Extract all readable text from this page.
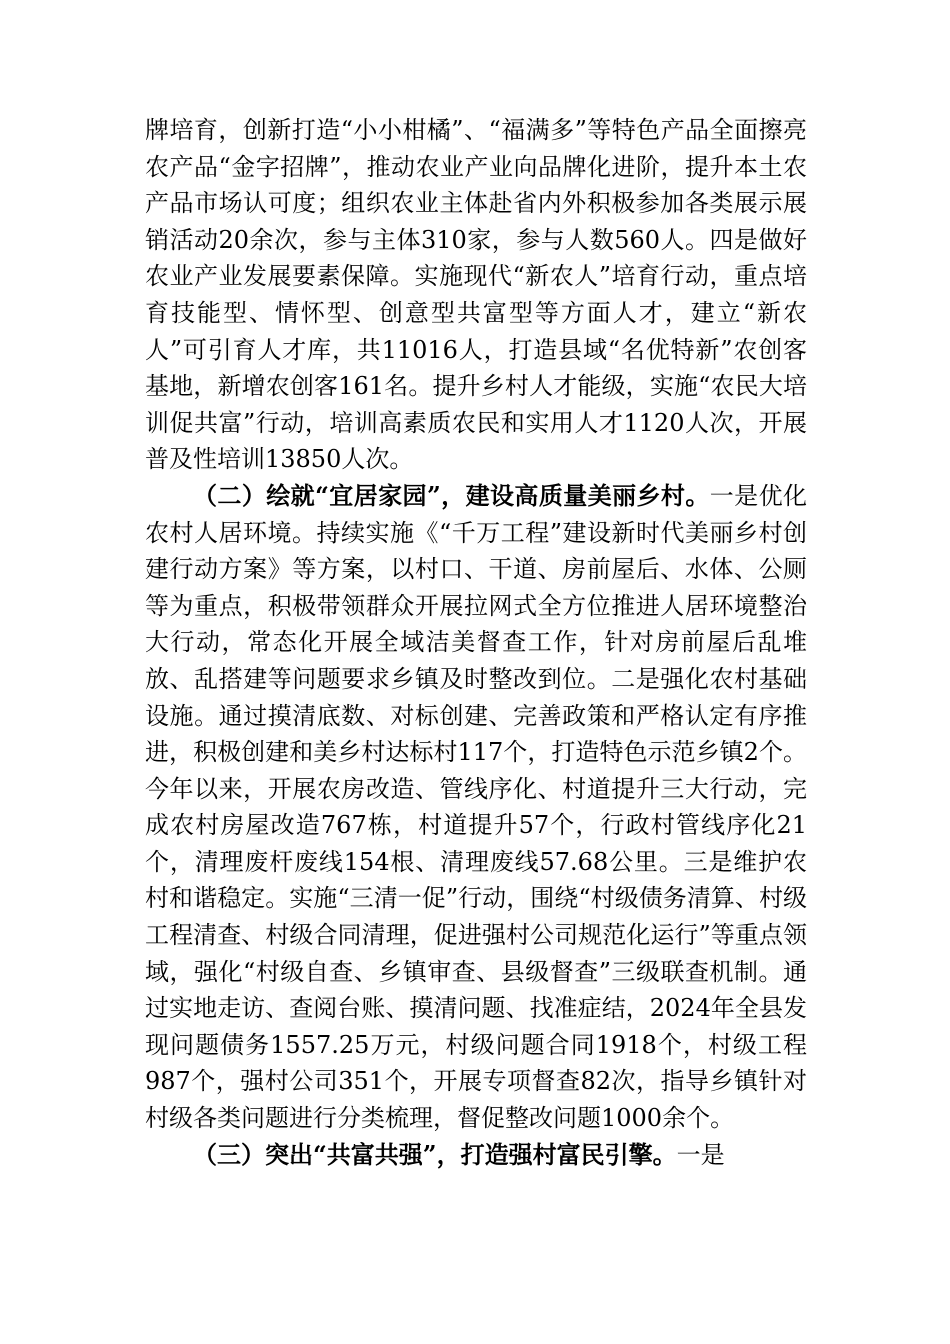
牌培育，创新打造“小小柑橘”、“福满多”等特色产品全面擦亮农产品“金字招牌”，推动农业产业向品牌化进阶，提升本土农产品市场认可度；组织农业主体赴省内外积极参加各类展示展销活动20余次，参与主体310家，参与人数560人。四是做好农业产业发展要素保障。实施现代“新农人”培育行动，重点培育技能型、情怀型、创意型共富型等方面人才，建立“新农人”可引育人才库，共11016人，打造县域“名优特新”农创客基地，新增农创客161名。提升乡村人才能级，实施“农民大培训促共富”行动，培训高素质农民和实用人才1120人次，开展普及性培训13850人次。

（二）绘就“宜居家园”，建设高质量美丽乡村。一是优化农村人居环境。持续实施《“千万工程”建设新时代美丽乡村创建行动方案》等方案，以村口、干道、房前屋后、水体、公厕等为重点，积极带领群众开展拉网式全方位推进人居环境整治大行动，常态化开展全域洁美督查工作，针对房前屋后乱堆放、乱搭建等问题要求乡镇及时整改到位。二是强化农村基础设施。通过摸清底数、对标创建、完善政策和严格认定有序推进，积极创建和美乡村达标村117个，打造特色示范乡镇2个。今年以来，开展农房改造、管线序化、村道提升三大行动，完成农村房屋改造767栋，村道提升57个，行政村管线序化21个，清理废杆废线154根、清理废线57.68公里。三是维护农村和谐稳定。实施“三清一促”行动，围绕“村级债务清算、村级工程清查、村级合同清理，促进强村公司规范化运行”等重点领域，强化“村级自查、乡镇审查、县级督查”三级联查机制。通过实地走访、查阅台账、摸清问题、找准症结，2024年全县发现问题债务1557.25万元，村级问题合同1918个，村级工程987个，强村公司351个，开展专项督查82次，指导乡镇针对村级各类问题进行分类梳理，督促整改问题1000余个。

（三）突出“共富共强”，打造强村富民引擎。一是
